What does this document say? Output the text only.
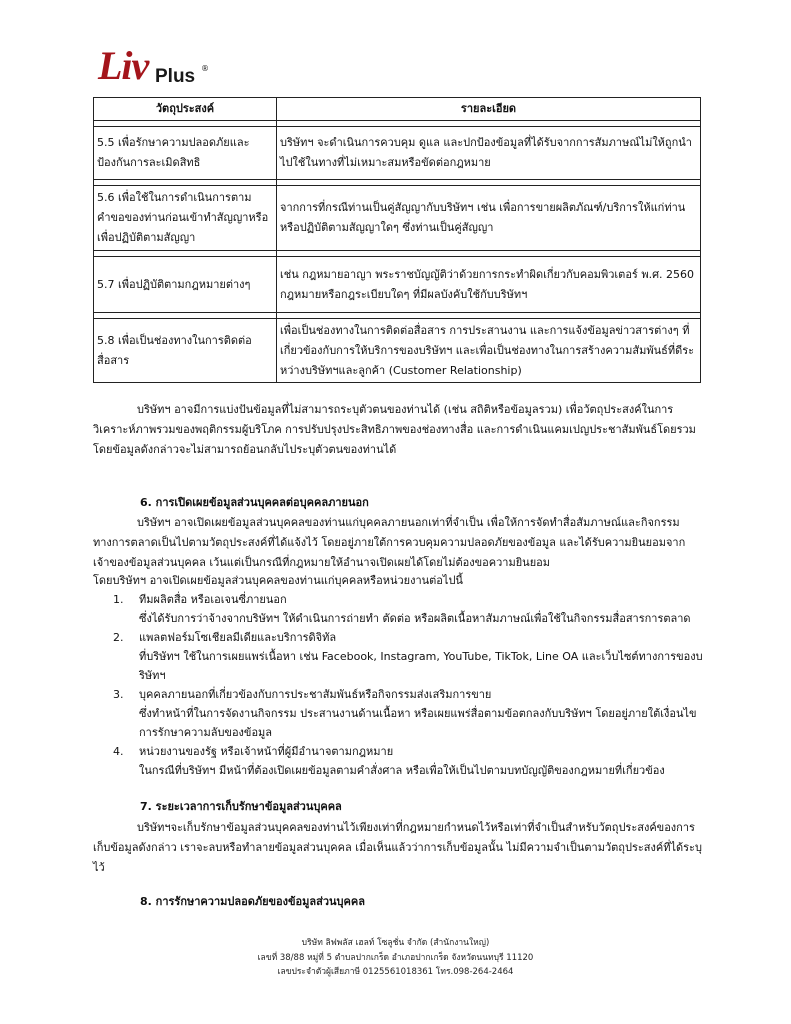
Liv Plus ®
วัตถุประสงค์	รายละเอียด

5.5 เพื่อรักษาความปลอดภัยและป้องกันการละเมิดสิทธิ	บริษัทฯ จะดำเนินการควบคุม ดูแล และปกป้องข้อมูลที่ได้รับจากการสัมภาษณ์ไม่ให้ถูกนำไปใช้ในทางที่ไม่เหมาะสมหรือขัดต่อกฎหมาย

5.6 เพื่อใช้ในการดำเนินการตามคำขอของท่านก่อนเข้าทำสัญญาหรือเพื่อปฏิบัติตามสัญญา	จากการที่กรณีท่านเป็นคู่สัญญากับบริษัทฯ เช่น เพื่อการขายผลิตภัณฑ์/บริการให้แก่ท่าน หรือปฏิบัติตามสัญญาใดๆ ซึ่งท่านเป็นคู่สัญญา

5.7 เพื่อปฏิบัติตามกฎหมายต่างๆ	เช่น กฎหมายอาญา พระราชบัญญัติว่าด้วยการกระทำผิดเกี่ยวกับคอมพิวเตอร์ พ.ศ. 2560 กฎหมายหรือกฎระเบียบใดๆ ที่มีผลบังคับใช้กับบริษัทฯ

5.8 เพื่อเป็นช่องทางในการติดต่อสื่อสาร	เพื่อเป็นช่องทางในการติดต่อสื่อสาร การประสานงาน และการแจ้งข้อมูลข่าวสารต่างๆ ที่เกี่ยวข้องกับการให้บริการของบริษัทฯ และเพื่อเป็นช่องทางในการสร้างความสัมพันธ์ที่ดีระหว่างบริษัทฯและลูกค้า (Customer Relationship)

บริษัทฯ อาจมีการแบ่งปันข้อมูลที่ไม่สามารถระบุตัวตนของท่านได้ (เช่น สถิติหรือข้อมูลรวม) เพื่อวัตถุประสงค์ในการวิเคราะห์ภาพรวมของพฤติกรรมผู้บริโภค การปรับปรุงประสิทธิภาพของช่องทางสื่อ และการดำเนินแคมเปญประชาสัมพันธ์โดยรวม โดยข้อมูลดังกล่าวจะไม่สามารถย้อนกลับไประบุตัวตนของท่านได้

6. การเปิดเผยข้อมูลส่วนบุคคลต่อบุคคลภายนอก

บริษัทฯ อาจเปิดเผยข้อมูลส่วนบุคคลของท่านแก่บุคคลภายนอกเท่าที่จำเป็น เพื่อให้การจัดทำสื่อสัมภาษณ์และกิจกรรมทางการตลาดเป็นไปตามวัตถุประสงค์ที่ได้แจ้งไว้ โดยอยู่ภายใต้การควบคุมความปลอดภัยของข้อมูล และได้รับความยินยอมจากเจ้าของข้อมูลส่วนบุคคล เว้นแต่เป็นกรณีที่กฎหมายให้อำนาจเปิดเผยได้โดยไม่ต้องขอความยินยอม

โดยบริษัทฯ อาจเปิดเผยข้อมูลส่วนบุคคลของท่านแก่บุคคลหรือหน่วยงานต่อไปนี้

1. ทีมผลิตสื่อ หรือเอเจนซี่ภายนอก
ซึ่งได้รับการว่าจ้างจากบริษัทฯ ให้ดำเนินการถ่ายทำ ตัดต่อ หรือผลิตเนื้อหาสัมภาษณ์เพื่อใช้ในกิจกรรมสื่อสารการตลาด
2. แพลตฟอร์มโซเชียลมีเดียและบริการดิจิทัล
ที่บริษัทฯ ใช้ในการเผยแพร่เนื้อหา เช่น Facebook, Instagram, YouTube, TikTok, Line OA และเว็บไซต์ทางการของบริษัทฯ
3. บุคคลภายนอกที่เกี่ยวข้องกับการประชาสัมพันธ์หรือกิจกรรมส่งเสริมการขาย
ซึ่งทำหน้าที่ในการจัดงานกิจกรรม ประสานงานด้านเนื้อหา หรือเผยแพร่สื่อตามข้อตกลงกับบริษัทฯ โดยอยู่ภายใต้เงื่อนไขการรักษาความลับของข้อมูล
4. หน่วยงานของรัฐ หรือเจ้าหน้าที่ผู้มีอำนาจตามกฎหมาย
ในกรณีที่บริษัทฯ มีหน้าที่ต้องเปิดเผยข้อมูลตามคำสั่งศาล หรือเพื่อให้เป็นไปตามบทบัญญัติของกฎหมายที่เกี่ยวข้อง
7. ระยะเวลาการเก็บรักษาข้อมูลส่วนบุคคล

บริษัทฯจะเก็บรักษาข้อมูลส่วนบุคคลของท่านไว้เพียงเท่าที่กฎหมายกำหนดไว้หรือเท่าที่จำเป็นสำหรับวัตถุประสงค์ของการเก็บข้อมูลดังกล่าว เราจะลบหรือทำลายข้อมูลส่วนบุคคล เมื่อเห็นแล้วว่าการเก็บข้อมูลนั้น ไม่มีความจำเป็นตามวัตถุประสงค์ที่ได้ระบุไว้

8. การรักษาความปลอดภัยของข้อมูลส่วนบุคคล
บริษัท ลิฟพลัส เฮลท์ โซลูชั่น จำกัด (สำนักงานใหญ่)
เลขที่ 38/88 หมู่ที่ 5 ตำบลปากเกร็ด อำเภอปากเกร็ด จังหวัดนนทบุรี 11120
เลขประจำตัวผู้เสียภาษี 0125561018361 โทร.098-264-2464
